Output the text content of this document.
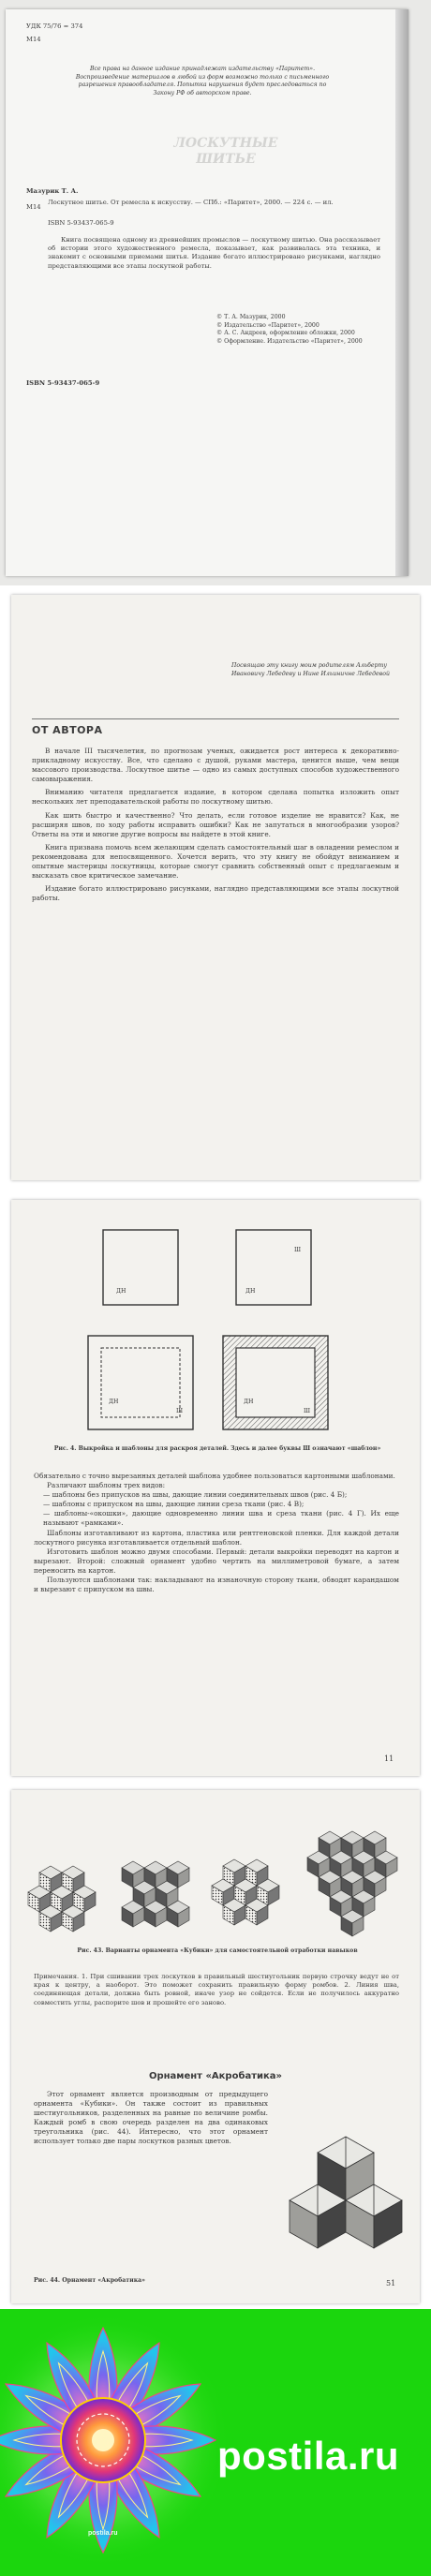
УДК 75/76 = 374

М14

Все права на данное издание принадлежат издательству «Паритет». Воспроизведение материалов в любой из форм возможно только с письменного разрешения правообладателя. Попытка нарушения будет преследоваться по Закону РФ об авторском праве.

ЛОСКУТНЫЕ ШИТЬЕ

Мазурик Т. А.

М14

Лоскутное шитье. От ремесла к искусству. — СПб.: «Паритет», 2000. — 224 с. — ил.

ISBN 5-93437-065-9

Книга посвящена одному из древнейших промыслов — лоскутному шитью. Она рассказывает об истории этого художественного ремесла, показывает, как развивалась эта техника, и знакомит с основными приемами шитья. Издание богато иллюстрировано рисунками, наглядно представляющими все этапы лоскутной работы.

ISBN 5-93437-065-9

© Т. А. Мазурик, 2000

© Издательство «Паритет», 2000

© А. С. Андреев, оформление обложки, 2000

© Оформление. Издательство «Паритет», 2000

Посвящаю эту книгу моим родителям Альберту Ивановичу Лебедеву и Нине Ильиничне Лебедевой

ОТ АВТОРА

В начале III тысячелетия, по прогнозам ученых, ожидается рост интереса к декоративно-прикладному искусству. Все, что сделано с душой, руками мастера, ценится выше, чем вещи массового производства. Лоскутное шитье — одно из самых доступных способов художественного самовыражения.

Вниманию читателя предлагается издание, в котором сделана попытка изложить опыт нескольких лет преподавательской работы по лоскутному шитью.

Как шить быстро и качественно? Что делать, если готовое изделие не нравится? Как, не расширяя швов, по ходу работы исправить ошибки? Как не запутаться в многообразии узоров? Ответы на эти и многие другие вопросы вы найдете в этой книге.

Книга призвана помочь всем желающим сделать самостоятельный шаг в овладении ремеслом и рекомендована для непосвященного. Хочется верить, что эту книгу не обойдут вниманием и опытные мастерицы лоскутницы, которые смогут сравнить собственный опыт с предлагаемым и высказать свое критическое замечание.

Издание богато иллюстрировано рисунками, наглядно представляющими все этапы лоскутной работы.

Ш

ДН	ДН

Ш

ДН

Ш

ДН

Рис. 4. Выкройка и шаблоны для раскроя деталей. Здесь и далее буквы Ш означают «шаблон»

Обязательно с точно вырезанных деталей шаблона удобнее пользоваться картонными шаблонами.

Различают шаблоны трех видов:

— шаблоны без припусков на швы, дающие линии соединительных швов (рис. 4 Б);

— шаблоны с припуском на швы, дающие линии среза ткани (рис. 4 В);

— шаблоны-«окошки», дающие одновременно линии шва и среза ткани (рис. 4 Г). Их еще называют «рамками».

Шаблоны изготавливают из картона, пластика или рентгеновской пленки. Для каждой детали лоскутного рисунка изготавливается отдельный шаблон.

Изготовить шаблон можно двумя способами. Первый: детали выкройки переводят на картон и вырезают. Второй: сложный орнамент удобно чертить на миллиметровой бумаге, а затем переносить на картон.

Пользуются шаблонами так: накладывают на изнаночную сторону ткани, обводят карандашом и вырезают с припуском на швы.

11

Рис. 43. Варианты орнамента «Кубики» для самостоятельной отработки навыков

Примечания. 1. При сшивании трех лоскутков в правильный шестиугольник первую строчку ведут не от края к центру, а наоборот. Это поможет сохранить правильную форму ромбов. 2. Линия шва, соединяющая детали, должна быть ровной, иначе узор не сойдется. Если не получилось аккуратно совместить углы, распорите шов и прошейте его заново.

Орнамент «Акробатика»

Этот орнамент является производным от предыдущего орнамента «Кубики». Он также состоит из правильных шестиугольников, разделенных на равные по величине ромбы. Каждый ромб в свою очередь разделен на два одинаковых треугольника (рис. 44). Интересно, что этот орнамент использует только две пары лоскутков разных цветов.

Рис. 44. Орнамент «Акробатика»	51

postila.ru
postila.ru
